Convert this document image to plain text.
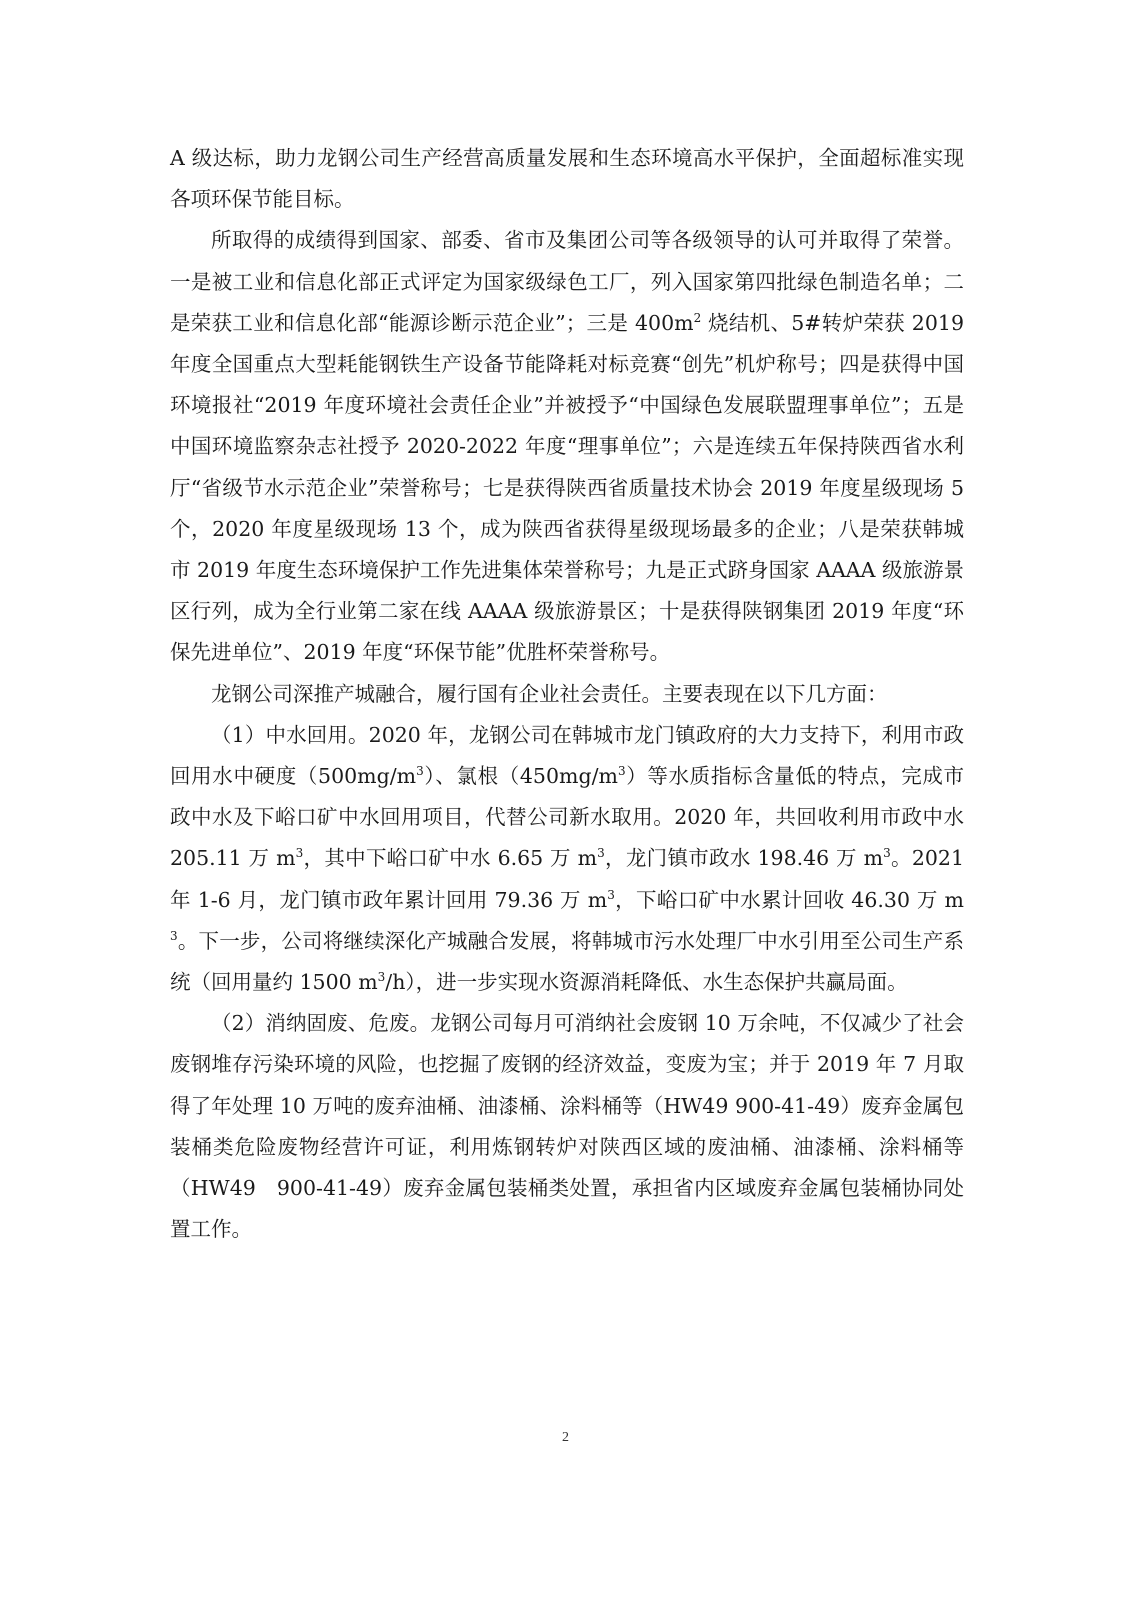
A 级达标，助力龙钢公司生产经营高质量发展和生态环境高水平保护，全面超标准实现各项环保节能目标。

所取得的成绩得到国家、部委、省市及集团公司等各级领导的认可并取得了荣誉。一是被工业和信息化部正式评定为国家级绿色工厂，列入国家第四批绿色制造名单；二是荣获工业和信息化部“能源诊断示范企业”；三是 $400m^2$ 烧结机、5#转炉荣获 2019 年度全国重点大型耗能钢铁生产设备节能降耗对标竞赛“创先”机炉称号；四是获得中国环境报社“2019 年度环境社会责任企业”并被授予“中国绿色发展联盟理事单位”；五是中国环境监察杂志社授予 2020-2022 年度“理事单位”；六是连续五年保持陕西省水利厅“省级节水示范企业”荣誉称号；七是获得陕西省质量技术协会 2019 年度星级现场 5 个，2020 年度星级现场 13 个，成为陕西省获得星级现场最多的企业；八是荣获韩城市 2019 年度生态环境保护工作先进集体荣誉称号；九是正式跻身国家 AAAA 级旅游景区行列，成为全行业第二家在线 AAAA 级旅游景区；十是获得陕钢集团 2019 年度“环保先进单位”、2019 年度“环保节能”优胜杯荣誉称号。

龙钢公司深推产城融合，履行国有企业社会责任。主要表现在以下几方面：

（1）中水回用。2020 年，龙钢公司在韩城市龙门镇政府的大力支持下，利用市政回用水中硬度$(500mg/m^3)$、氯根$(450mg/m^3)$等水质指标含量低的特点，完成市政中水及下峪口矿中水回用项目，代替公司新水取用。2020 年，共回收利用市政中水 205.11 万 $m^3$，其中下峪口矿中水 6.65 万 $m^3$，龙门镇市政水 198.46 万 $m^3$。2021 年 1-6 月，龙门镇市政年累计回用 79.36 万 $m^3$，下峪口矿中水累计回收 46.30 万 $m^3$。下一步，公司将继续深化产城融合发展，将韩城市污水处理厂中水引用至公司生产系统（回用量约 1500 $m^3/h$），进一步实现水资源消耗降低、水生态保护共赢局面。

（2）消纳固废、危废。龙钢公司每月可消纳社会废钢 10 万余吨，不仅减少了社会废钢堆存污染环境的风险，也挖掘了废钢的经济效益，变废为宝；并于 2019 年 7 月取得了年处理 10 万吨的废弃油桶、油漆桶、涂料桶等（HW49 900-41-49）废弃金属包装桶类危险废物经营许可证，利用炼钢转炉对陕西区域的废油桶、油漆桶、涂料桶等（HW49　900-41-49）废弃金属包装桶类处置，承担省内区域废弃金属包装桶协同处置工作。

2
